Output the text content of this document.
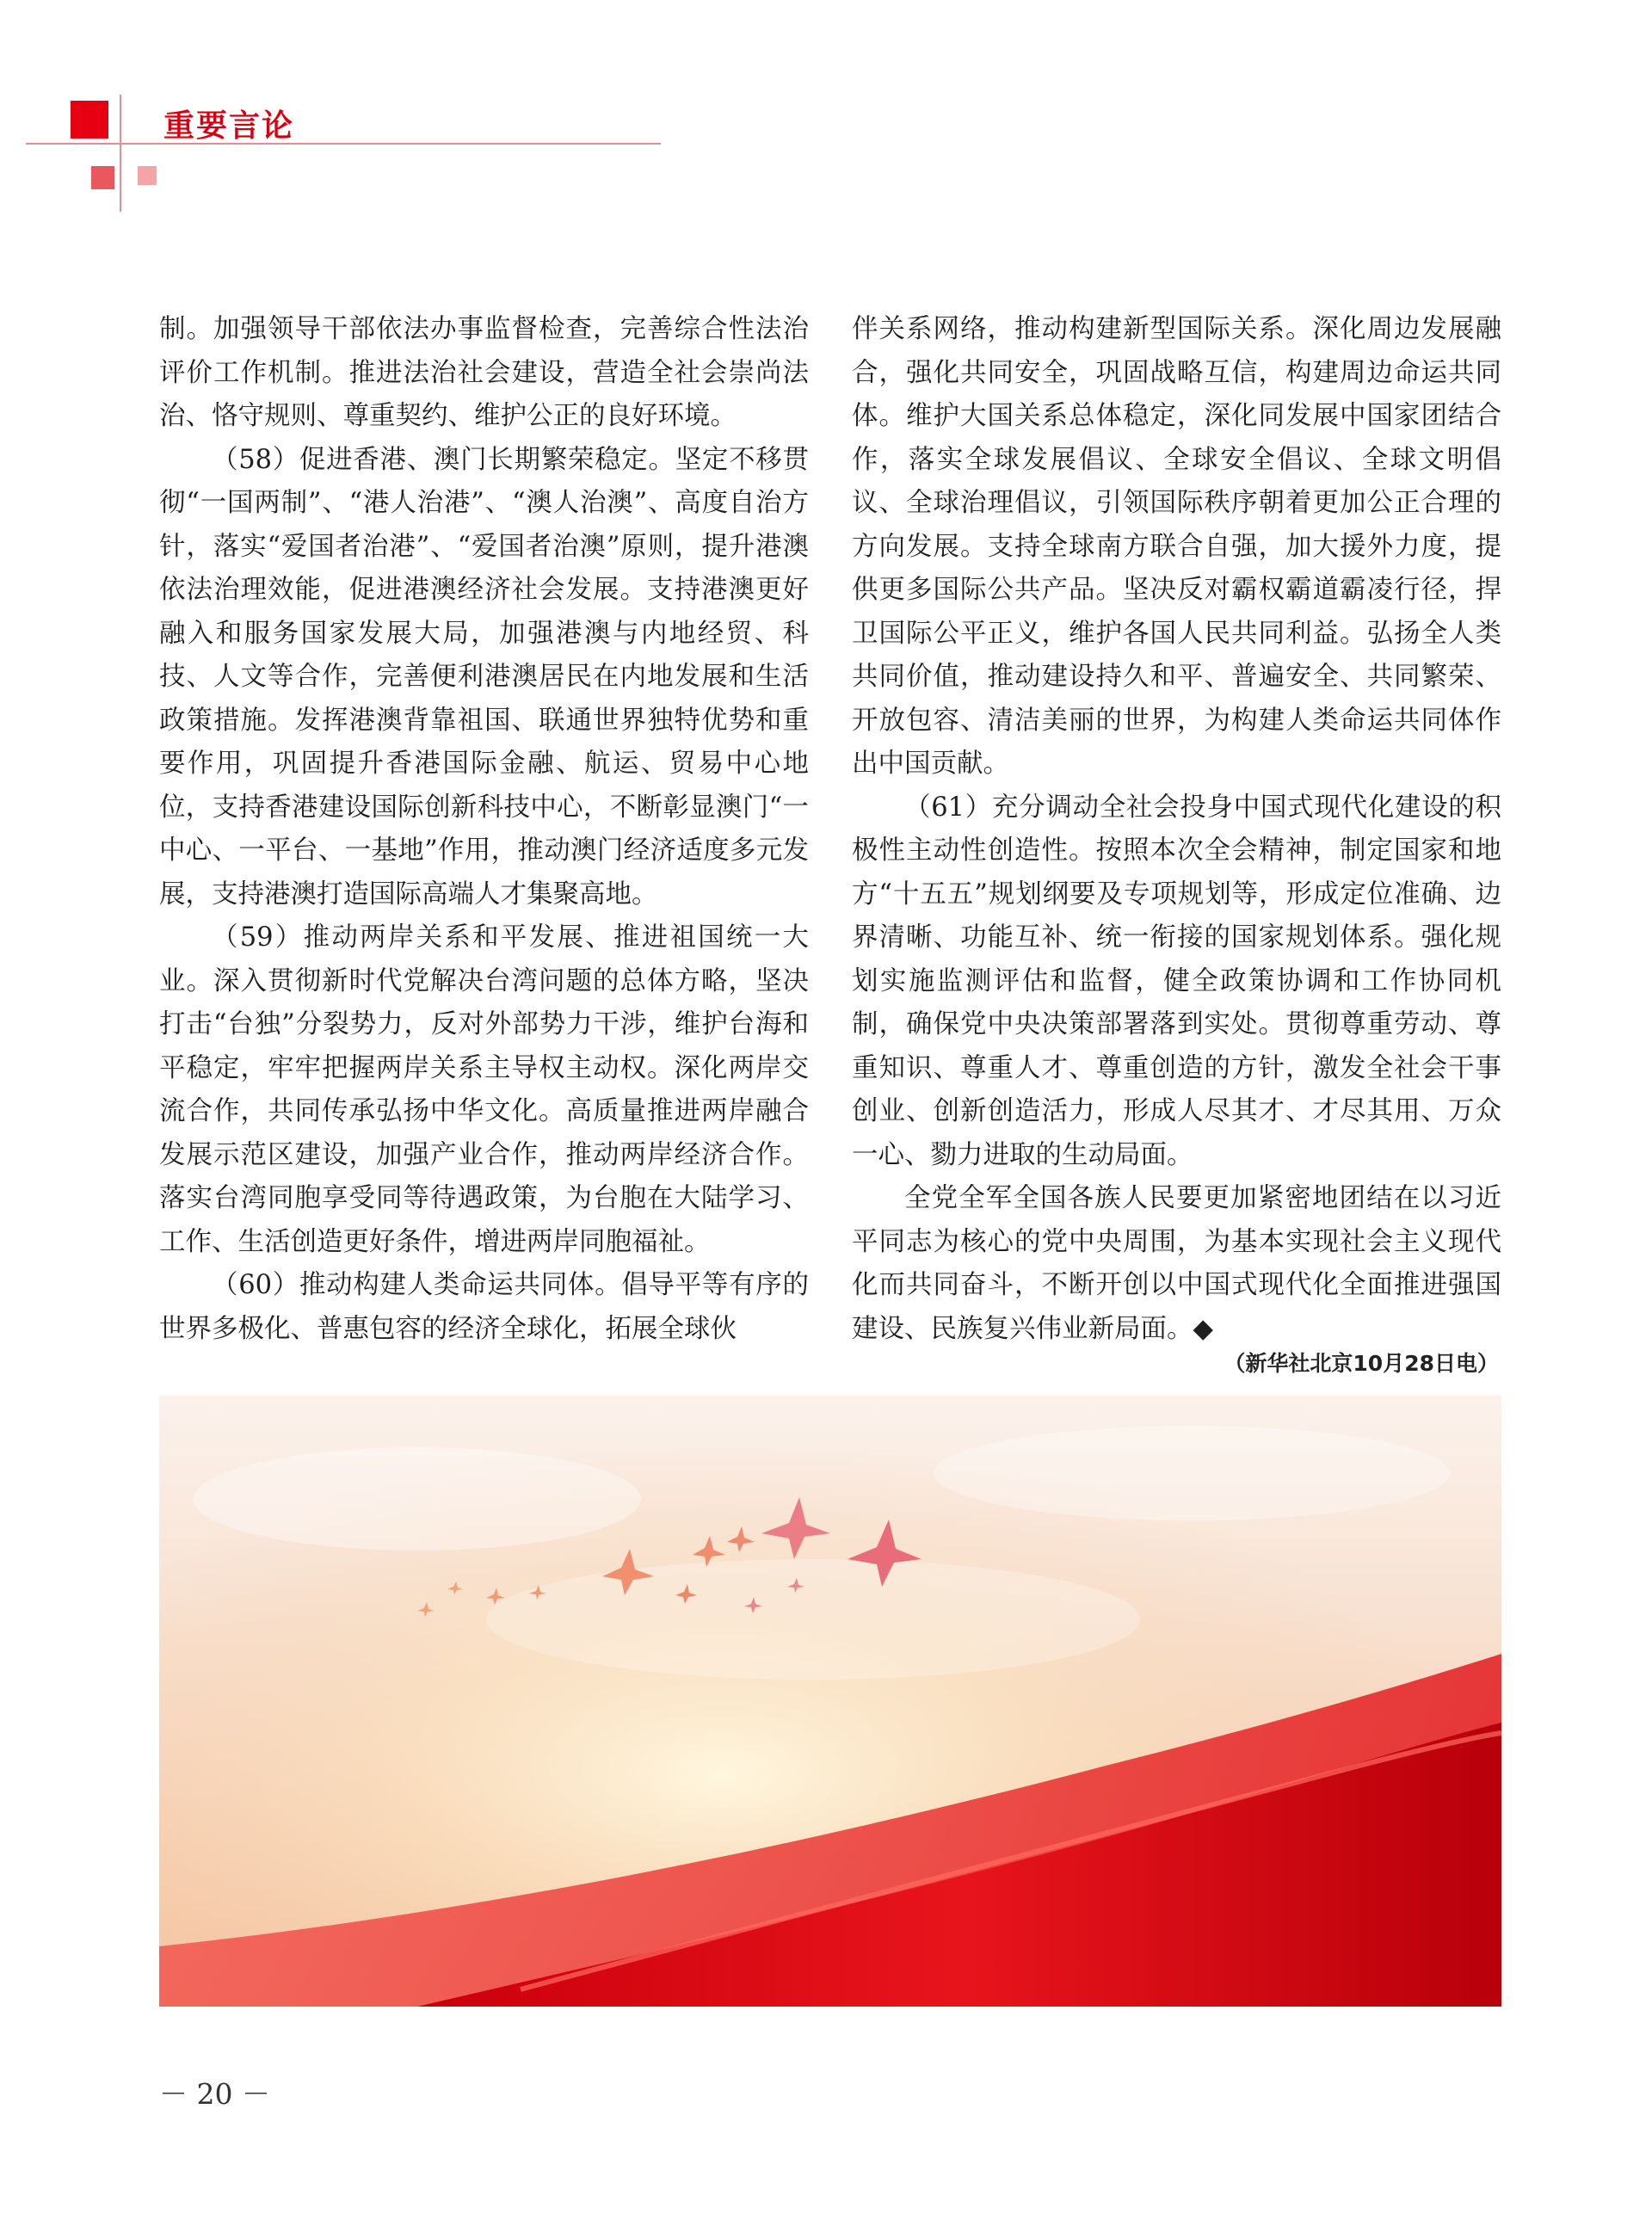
重要言论

制。加强领导干部依法办事监督检查，完善综合性法治评价工作机制。推进法治社会建设，营造全社会崇尚法治、恪守规则、尊重契约、维护公正的良好环境。

（58）促进香港、澳门长期繁荣稳定。坚定不移贯彻“一国两制”、“港人治港”、“澳人治澳”、高度自治方针，落实“爱国者治港”、“爱国者治澳”原则，提升港澳依法治理效能，促进港澳经济社会发展。支持港澳更好融入和服务国家发展大局，加强港澳与内地经贸、科技、人文等合作，完善便利港澳居民在内地发展和生活政策措施。发挥港澳背靠祖国、联通世界独特优势和重要作用，巩固提升香港国际金融、航运、贸易中心地位，支持香港建设国际创新科技中心，不断彰显澳门“一中心、一平台、一基地”作用，推动澳门经济适度多元发展，支持港澳打造国际高端人才集聚高地。

（59）推动两岸关系和平发展、推进祖国统一大业。深入贯彻新时代党解决台湾问题的总体方略，坚决打击“台独”分裂势力，反对外部势力干涉，维护台海和平稳定，牢牢把握两岸关系主导权主动权。深化两岸交流合作，共同传承弘扬中华文化。高质量推进两岸融合发展示范区建设，加强产业合作，推动两岸经济合作。落实台湾同胞享受同等待遇政策，为台胞在大陆学习、工作、生活创造更好条件，增进两岸同胞福祉。

（60）推动构建人类命运共同体。倡导平等有序的世界多极化、普惠包容的经济全球化，拓展全球伙

伴关系网络，推动构建新型国际关系。深化周边发展融合，强化共同安全，巩固战略互信，构建周边命运共同体。维护大国关系总体稳定，深化同发展中国家团结合作，落实全球发展倡议、全球安全倡议、全球文明倡议、全球治理倡议，引领国际秩序朝着更加公正合理的方向发展。支持全球南方联合自强，加大援外力度，提供更多国际公共产品。坚决反对霸权霸道霸凌行径，捍卫国际公平正义，维护各国人民共同利益。弘扬全人类共同价值，推动建设持久和平、普遍安全、共同繁荣、开放包容、清洁美丽的世界，为构建人类命运共同体作出中国贡献。

（61）充分调动全社会投身中国式现代化建设的积极性主动性创造性。按照本次全会精神，制定国家和地方“十五五”规划纲要及专项规划等，形成定位准确、边界清晰、功能互补、统一衔接的国家规划体系。强化规划实施监测评估和监督，健全政策协调和工作协同机制，确保党中央决策部署落到实处。贯彻尊重劳动、尊重知识、尊重人才、尊重创造的方针，激发全社会干事创业、创新创造活力，形成人尽其才、才尽其用、万众一心、勠力进取的生动局面。

全党全军全国各族人民要更加紧密地团结在以习近平同志为核心的党中央周围，为基本实现社会主义现代化而共同奋斗，不断开创以中国式现代化全面推进强国建设、民族复兴伟业新局面。◆

（新华社北京10月28日电）
－ 20 －
